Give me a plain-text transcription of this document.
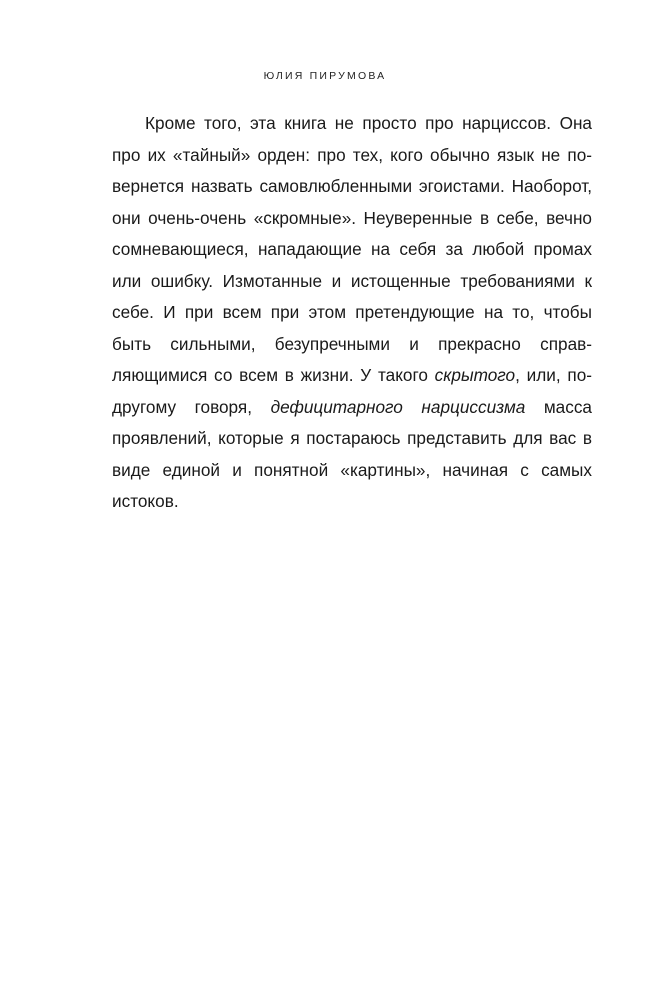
ЮЛИЯ ПИРУМОВА

Кроме того, эта книга не просто про нарциссов. Она про их «тайный» орден: про тех, кого обычно язык не повернется назвать самовлюбленными эгоистами. Наоборот, они очень-очень «скромные». Неуверенные в себе, вечно сомневающиеся, нападающие на себя за любой промах или ошибку. Измотанные и истощенные требованиями к себе. И при всем при этом претендующие на то, чтобы быть сильными, безупречными и прекрасно справляющимися со всем в жизни. У такого скрытого, или, по-другому говоря, дефицитарного нарциссизма масса проявлений, которые я постараюсь представить для вас в виде единой и понятной «картины», начиная с самых истоков.
